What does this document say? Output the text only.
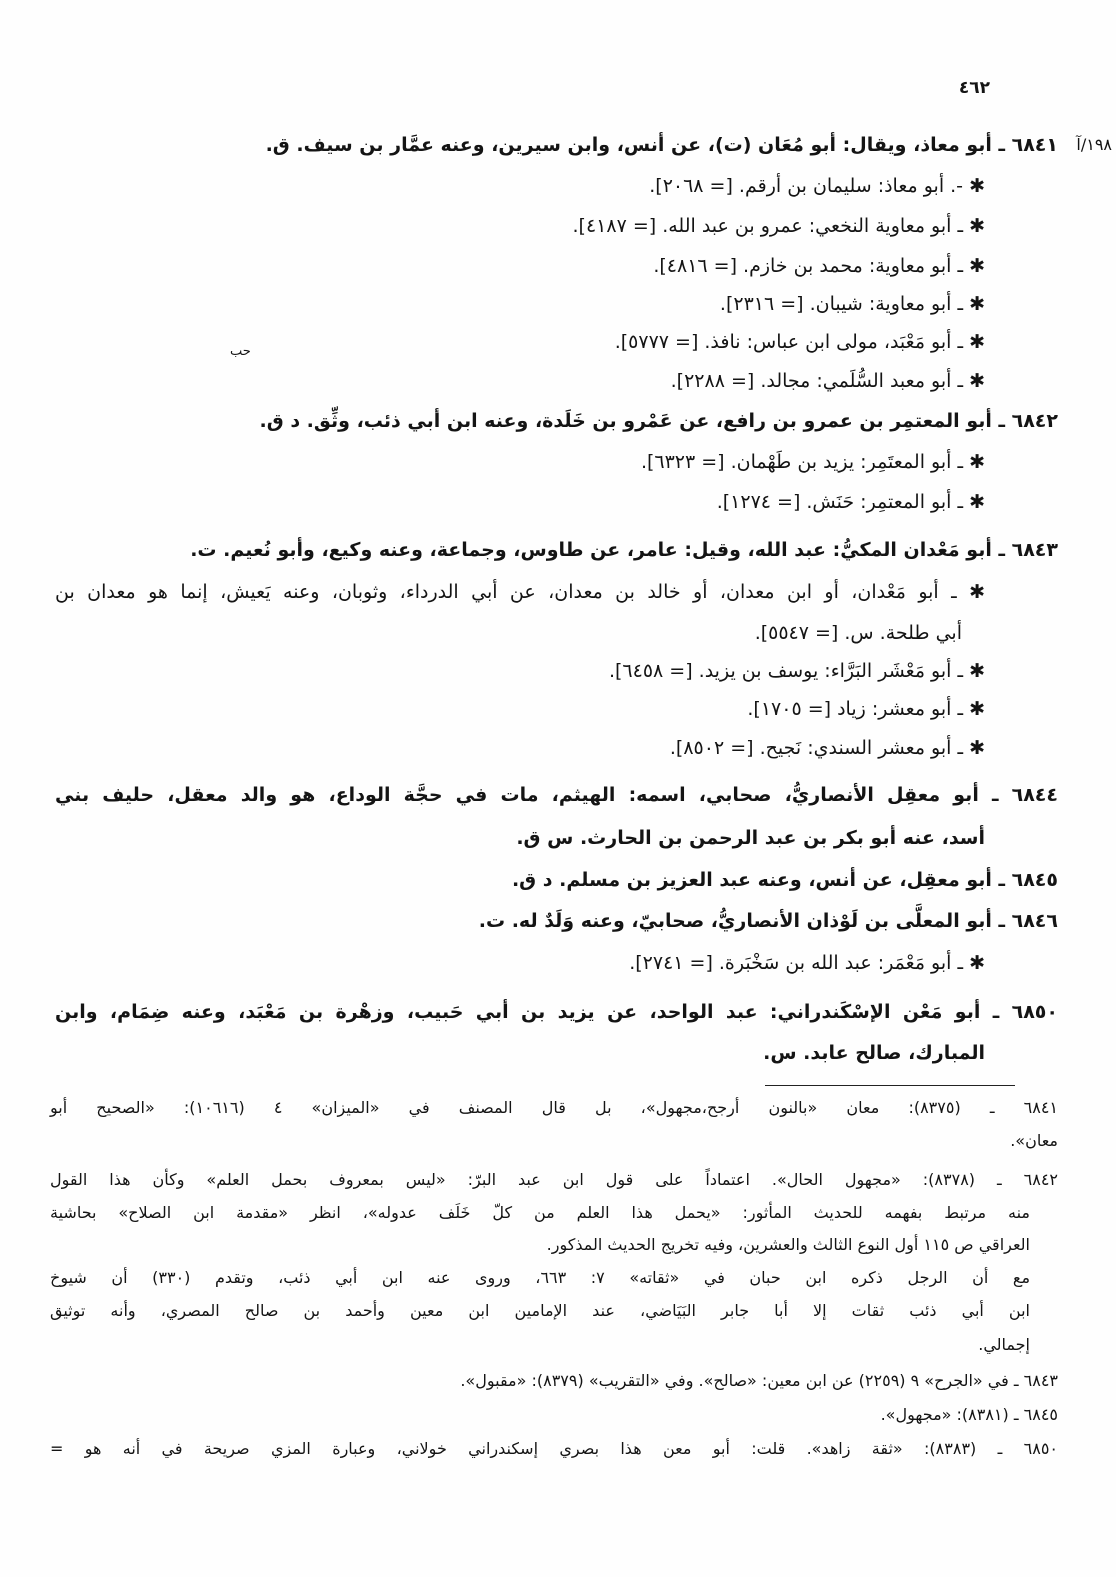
٤٦٢
١٩٨/آ
حب
٦٨٤١ ـ أبو معاذ، ويقال: أبو مُعَان (ت)، عن أنس، وابن سيرين، وعنه عمَّار بن سيف. ق.
✱ -. أبو معاذ: سليمان بن أرقم. [= ٢٠٦٨].
✱ ـ أبو معاوية النخعي: عمرو بن عبد الله. [= ٤١٨٧].
✱ ـ أبو معاوية: محمد بن خازم. [= ٤٨١٦].
✱ ـ أبو معاوية: شيبان. [= ٢٣١٦].
✱ ـ أبو مَعْبَد، مولى ابن عباس: نافذ. [= ٥٧٧٧].
✱ ـ أبو معبد السُّلَمي: مجالد. [= ٢٢٨٨].
٦٨٤٢ ـ أبو المعتمِر بن عمرو بن رافع، عن عَمْرو بن خَلَدة، وعنه ابن أبي ذئب، وثِّق. د ق.
✱ ـ أبو المعتَمِر: يزيد بن طَهْمان. [= ٦٣٢٣].
✱ ـ أبو المعتمِر: حَنَش. [= ١٢٧٤].
٦٨٤٣ ـ أبو مَعْدان المكيُّ: عبد الله، وقيل: عامر، عن طاوس، وجماعة، وعنه وكيع، وأبو نُعيم. ت.
✱ ـ أبو مَعْدان، أو ابن معدان، أو خالد بن معدان، عن أبي الدرداء، وثوبان، وعنه يَعيش، إنما هو معدان بن
أبي طلحة. س. [= ٥٥٤٧].
✱ ـ أبو مَعْشَر البَرَّاء: يوسف بن يزيد. [= ٦٤٥٨].
✱ ـ أبو معشر: زياد [= ١٧٠٥].
✱ ـ أبو معشر السندي: نَجيح. [= ٨٥٠٢].
٦٨٤٤ ـ أبو معقِل الأنصاريُّ، صحابي، اسمه: الهيثم، مات في حجَّة الوداع، هو والد معقل، حليف بني
أسد، عنه أبو بكر بن عبد الرحمن بن الحارث. س ق.
٦٨٤٥ ـ أبو معقِل، عن أنس، وعنه عبد العزيز بن مسلم. د ق.
٦٨٤٦ ـ أبو المعلَّى بن لَوْذان الأنصاريُّ، صحابيّ، وعنه وَلَدٌ له. ت.
✱ ـ أبو مَعْمَر: عبد الله بن سَخْبَرة. [= ٢٧٤١].
٦٨٥٠ ـ أبو مَعْن الإسْكَندراني: عبد الواحد، عن يزيد بن أبي حَبيب، وزهْرة بن مَعْبَد، وعنه ضِمَام، وابن
المبارك، صالح عابد. س.
٦٨٤١ ـ (٨٣٧٥): معان «بالنون أرجح،مجهول»، بل قال المصنف في «الميزان» ٤ (١٠٦١٦): «الصحيح أبو
معان».
٦٨٤٢ ـ (٨٣٧٨): «مجهول الحال». اعتماداً على قول ابن عبد البرّ: «ليس بمعروف بحمل العلم» وكأن هذا القول
منه مرتبط بفهمه للحديث المأثور: «يحمل هذا العلم من كلّ خَلَف عدوله»، انظر «مقدمة ابن الصلاح» بحاشية
العراقي ص ١١٥ أول النوع الثالث والعشرين، وفيه تخريج الحديث المذكور.
مع أن الرجل ذكره ابن حبان في «ثقاته» ٧: ٦٦٣، وروى عنه ابن أبي ذئب، وتقدم (٣٣٠) أن شيوخ
ابن أبي ذئب ثقات إلا أبا جابر البَيَاضي، عند الإمامين ابن معين وأحمد بن صالح المصري، وأنه توثيق
إجمالي.
٦٨٤٣ ـ في «الجرح» ٩ (٢٢٥٩) عن ابن معين: «صالح». وفي «التقريب» (٨٣٧٩): «مقبول».
٦٨٤٥ ـ (٨٣٨١): «مجهول».
٦٨٥٠ ـ (٨٣٨٣): «ثقة زاهد». قلت: أبو معن هذا بصري إسكندراني خولاني، وعبارة المزي صريحة في أنه هو =
